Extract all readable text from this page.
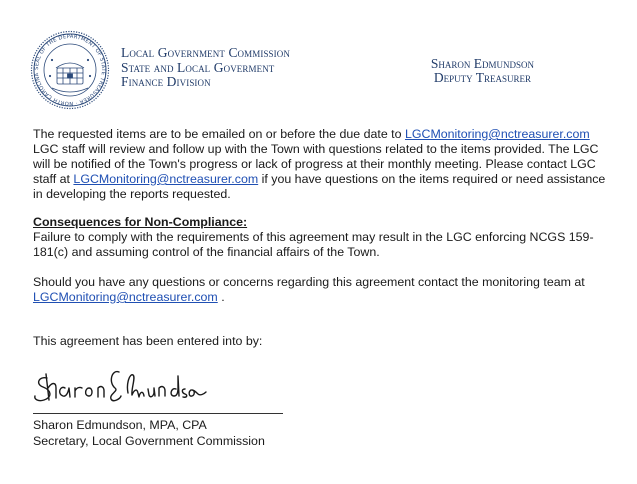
SEAL OF THE DEPARTMENT OF STATE TREASURER · NORTH CAROLINA
Local Government Commission
State and Local Goverment
Finance Division
Sharon Edmundson
Deputy Treasurer
The requested items are to be emailed on or before the due date to LGCMonitoring@nctreasurer.com LGC staff will review and follow up with the Town with questions related to the items provided. The LGC will be notified of the Town's progress or lack of progress at their monthly meeting. Please contact LGC staff at LGCMonitoring@nctreasurer.com if you have questions on the items required or need assistance in developing the reports requested.
Consequences for Non-Compliance:
Failure to comply with the requirements of this agreement may result in the LGC enforcing NCGS 159-181(c) and assuming control of the financial affairs of the Town.
Should you have any questions or concerns regarding this agreement contact the monitoring team at LGCMonitoring@nctreasurer.com .
This agreement has been entered into by:
Sharon Edmundson, MPA, CPA
Secretary, Local Government Commission
